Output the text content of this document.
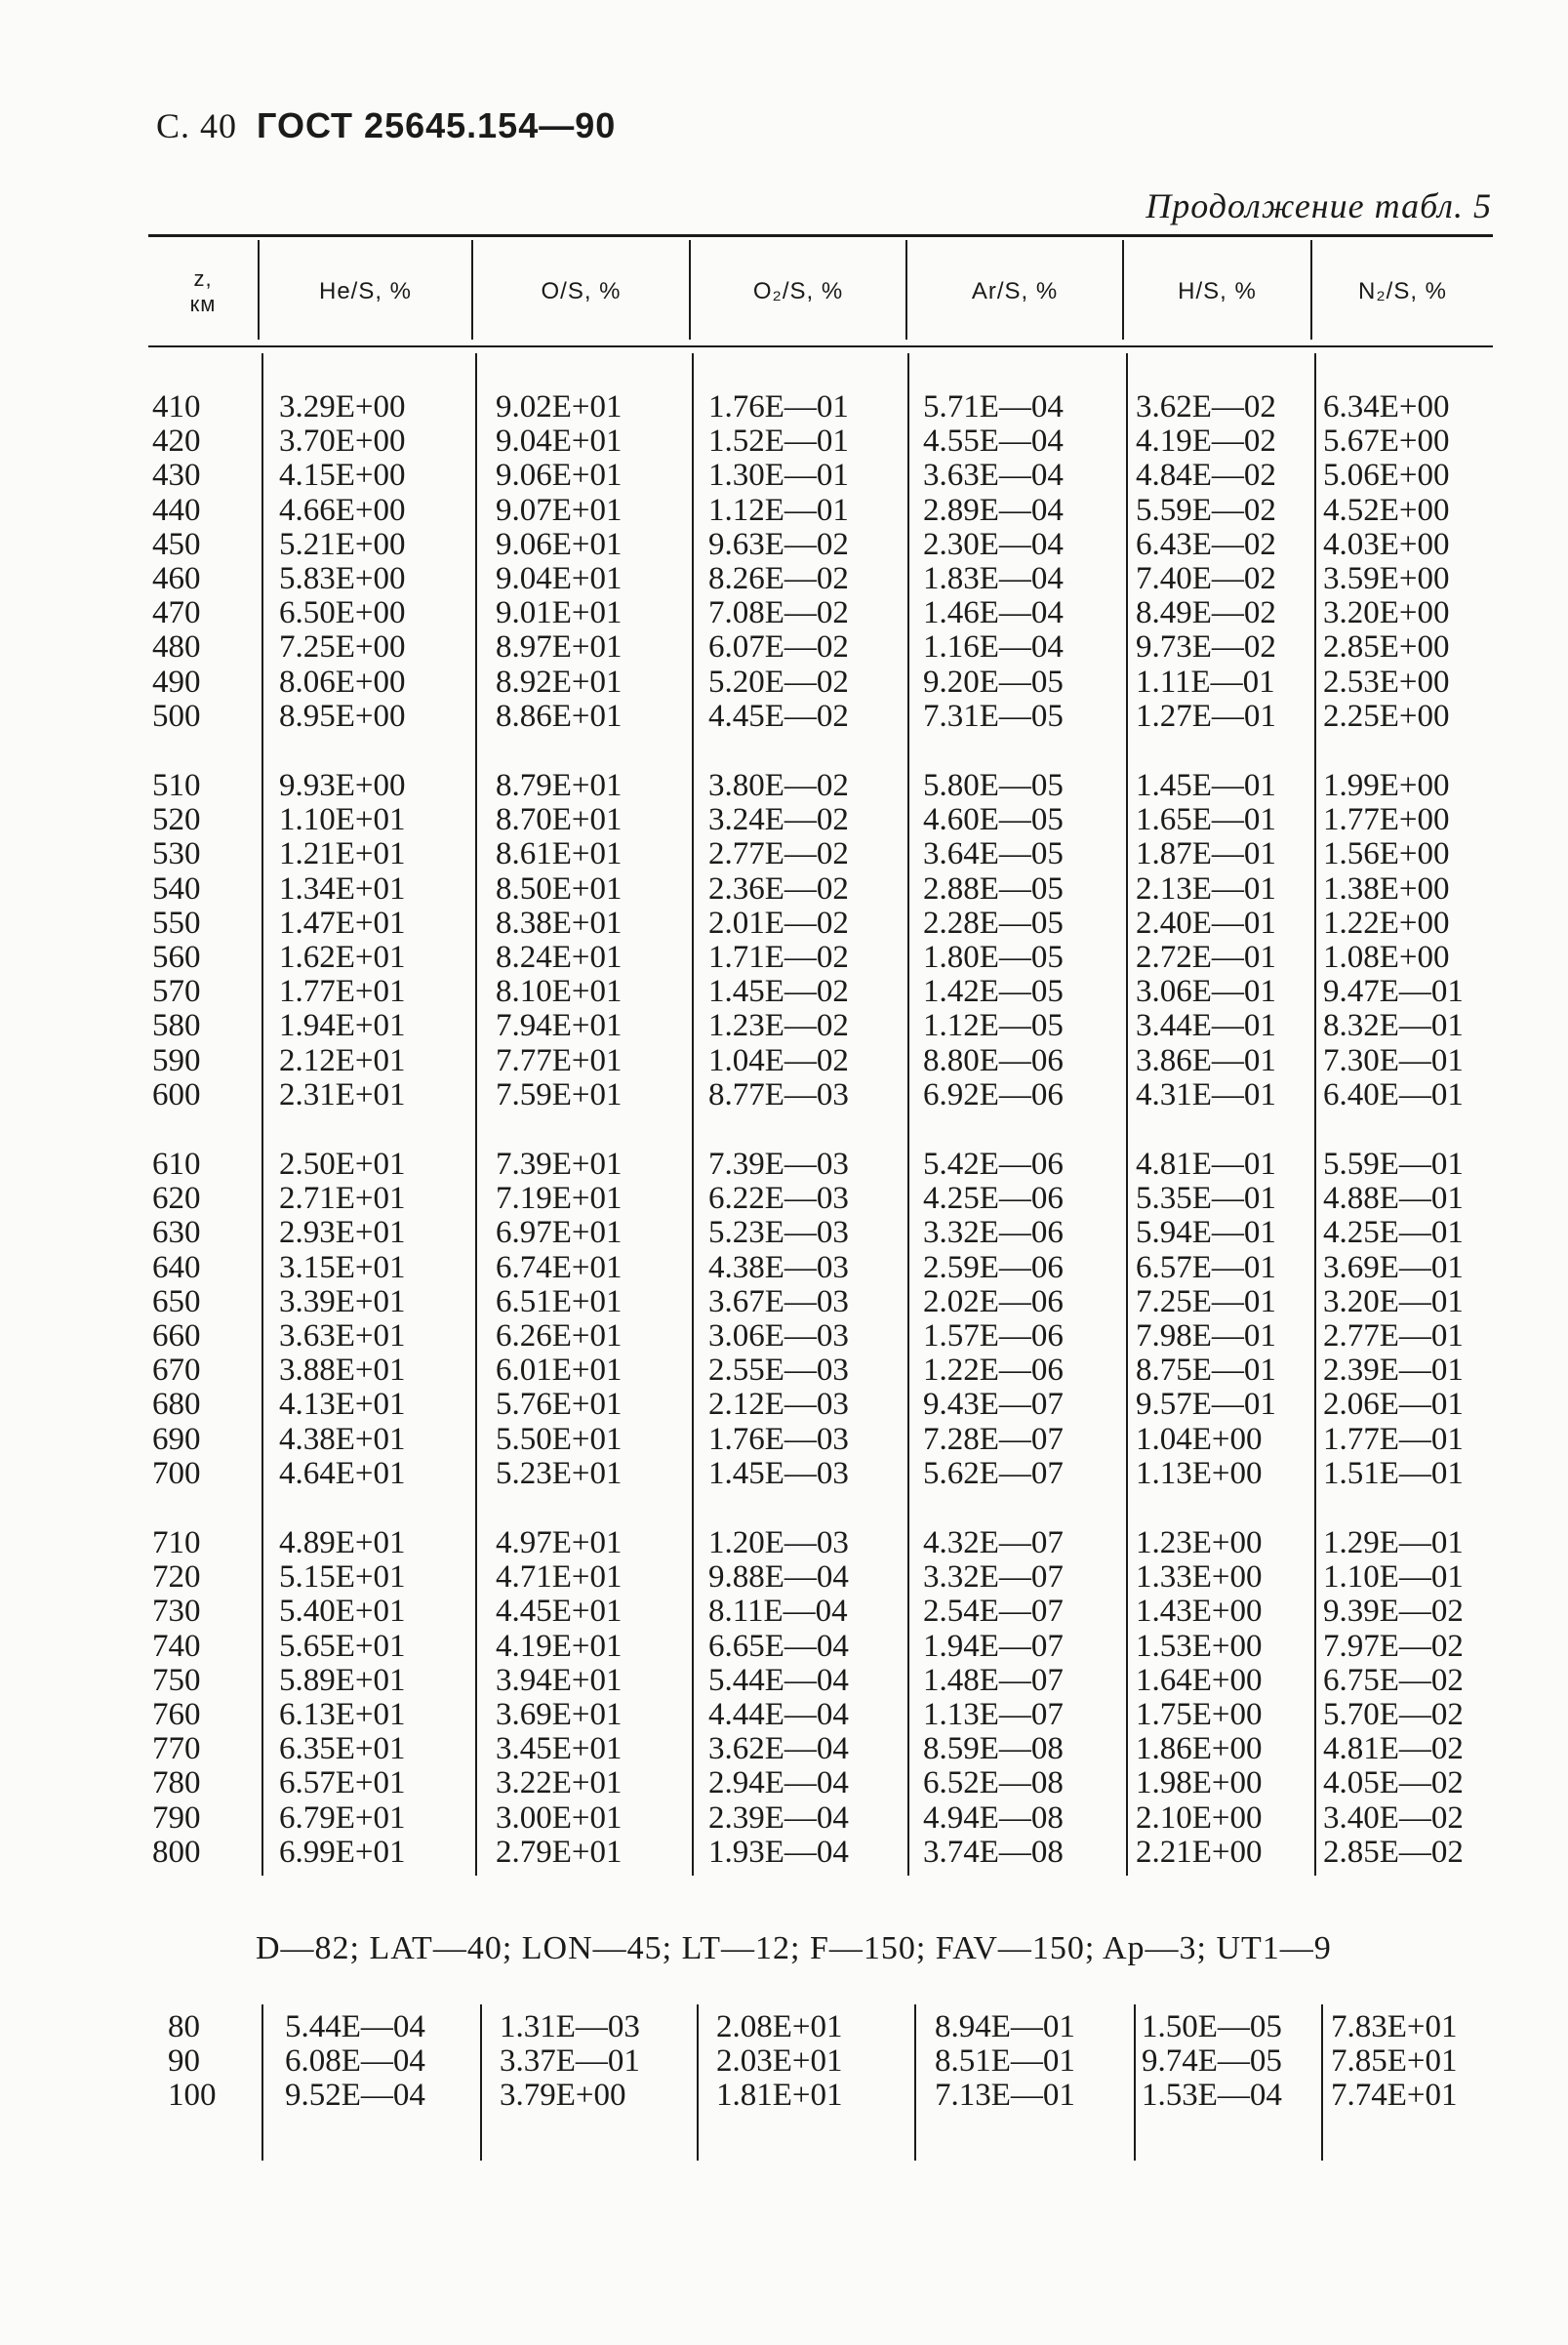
С. 40 ГОСТ 25645.154—90
Продолжение табл. 5
z,
км	He/S, %	O/S, %	O₂/S, %	Ar/S, %	H/S, %	N₂/S, %
410 3.29E+00	9.02E+01	1.76E—01 5.71E—04 3.62E—02 6.34E+00
420 3.70E+00	9.04E+01	1.52E—01 4.55E—04 4.19E—02 5.67E+00
430 4.15E+00	9.06E+01	1.30E—01 3.63E—04 4.84E—02 5.06E+00
440 4.66E+00	9.07E+01	1.12E—01 2.89E—04 5.59E—02 4.52E+00
450 5.21E+00	9.06E+01	9.63E—02 2.30E—04 6.43E—02 4.03E+00
460 5.83E+00	9.04E+01	8.26E—02 1.83E—04 7.40E—02 3.59E+00
470 6.50E+00	9.01E+01	7.08E—02 1.46E—04 8.49E—02 3.20E+00
480 7.25E+00	8.97E+01	6.07E—02 1.16E—04 9.73E—02 2.85E+00
490 8.06E+00	8.92E+01	5.20E—02 9.20E—05 1.11E—01 2.53E+00
500 8.95E+00	8.86E+01	4.45E—02 7.31E—05 1.27E—01 2.25E+00
510 9.93E+00	8.79E+01	3.80E—02 5.80E—05 1.45E—01 1.99E+00
520 1.10E+01	8.70E+01	3.24E—02 4.60E—05 1.65E—01 1.77E+00
530 1.21E+01	8.61E+01	2.77E—02 3.64E—05 1.87E—01 1.56E+00
540 1.34E+01	8.50E+01	2.36E—02 2.88E—05 2.13E—01 1.38E+00
550 1.47E+01	8.38E+01	2.01E—02 2.28E—05 2.40E—01 1.22E+00
560 1.62E+01	8.24E+01	1.71E—02 1.80E—05 2.72E—01 1.08E+00
570 1.77E+01	8.10E+01	1.45E—02 1.42E—05 3.06E—01 9.47E—01
580 1.94E+01	7.94E+01	1.23E—02 1.12E—05 3.44E—01 8.32E—01
590 2.12E+01	7.77E+01	1.04E—02 8.80E—06 3.86E—01 7.30E—01
600 2.31E+01	7.59E+01	8.77E—03 6.92E—06 4.31E—01 6.40E—01
610 2.50E+01	7.39E+01	7.39E—03 5.42E—06 4.81E—01 5.59E—01
620 2.71E+01	7.19E+01	6.22E—03 4.25E—06 5.35E—01 4.88E—01
630 2.93E+01	6.97E+01	5.23E—03 3.32E—06 5.94E—01 4.25E—01
640 3.15E+01	6.74E+01	4.38E—03 2.59E—06 6.57E—01 3.69E—01
650 3.39E+01	6.51E+01	3.67E—03 2.02E—06 7.25E—01 3.20E—01
660 3.63E+01	6.26E+01	3.06E—03 1.57E—06 7.98E—01 2.77E—01
670 3.88E+01	6.01E+01	2.55E—03 1.22E—06 8.75E—01 2.39E—01
680 4.13E+01	5.76E+01	2.12E—03 9.43E—07 9.57E—01 2.06E—01
690 4.38E+01	5.50E+01	1.76E—03 7.28E—07 1.04E+00 1.77E—01
700 4.64E+01	5.23E+01	1.45E—03 5.62E—07 1.13E+00 1.51E—01
710 4.89E+01	4.97E+01	1.20E—03 4.32E—07 1.23E+00 1.29E—01
720 5.15E+01	4.71E+01	9.88E—04 3.32E—07 1.33E+00 1.10E—01
730 5.40E+01	4.45E+01	8.11E—04 2.54E—07 1.43E+00 9.39E—02
740 5.65E+01	4.19E+01	6.65E—04 1.94E—07 1.53E+00 7.97E—02
750 5.89E+01	3.94E+01	5.44E—04 1.48E—07 1.64E+00 6.75E—02
760 6.13E+01	3.69E+01	4.44E—04 1.13E—07 1.75E+00 5.70E—02
770 6.35E+01	3.45E+01	3.62E—04 8.59E—08 1.86E+00 4.81E—02
780 6.57E+01	3.22E+01	2.94E—04 6.52E—08 1.98E+00 4.05E—02
790 6.79E+01	3.00E+01	2.39E—04 4.94E—08 2.10E+00 3.40E—02
800 6.99E+01	2.79E+01	1.93E—04 3.74E—08 2.21E+00 2.85E—02
D—82; LAT—40; LON—45; LT—12; F—150; FAV—150; Ap—3; UT1—9
80	5.44E—04 1.31E—03 2.08E+01	8.94E—01 1.50E—05 7.83E+01
90	6.08E—04 3.37E—01 2.03E+01	8.51E—01 9.74E—05 7.85E+01
100 9.52E—04 3.79E+00	1.81E+01	7.13E—01 1.53E—04 7.74E+01
